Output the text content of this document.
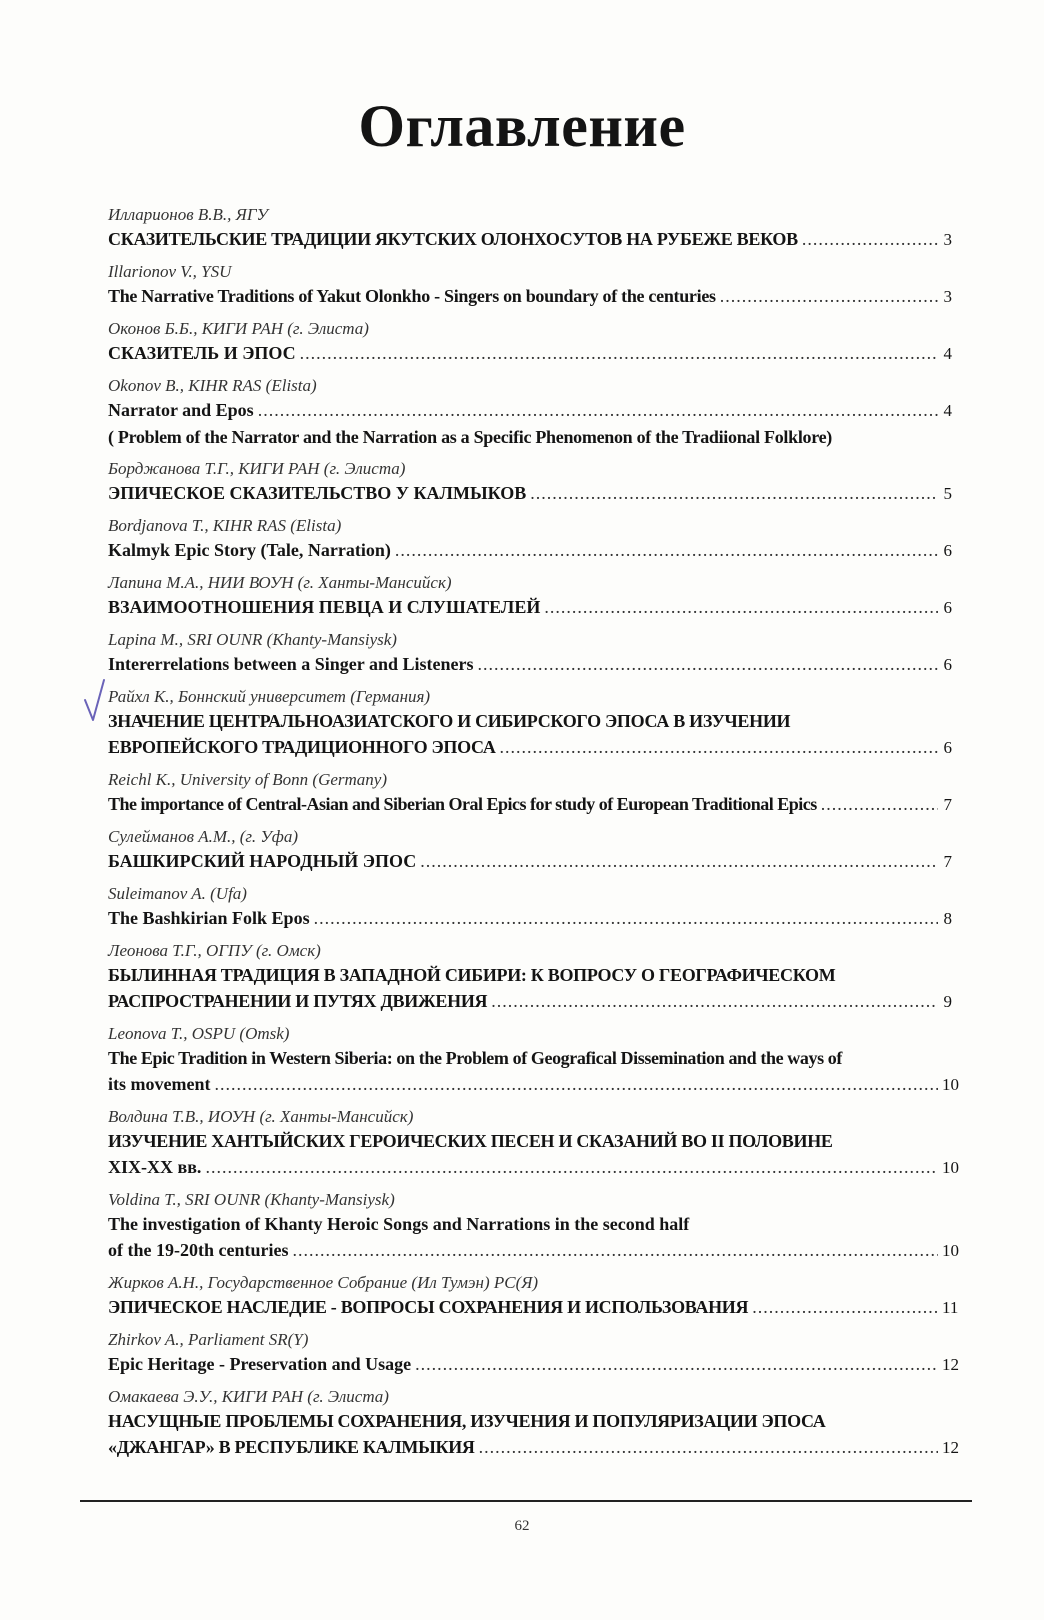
Оглавление
Илларионов В.В., ЯГУ
СКАЗИТЕЛЬСКИЕ ТРАДИЦИИ ЯКУТСКИХ ОЛОНХОСУТОВ НА РУБЕЖЕ ВЕКОВ .....	3
Illarionov V., YSU
The Narrative Traditions of Yakut Olonkho - Singers on boundary of the centuries .....	3
Оконов Б.Б., КИГИ РАН (г. Элиста)
СКАЗИТЕЛЬ И ЭПОС .....	4
Okonov B., KIHR RAS (Elista)
Narrator and Epos .....	4
( Problem of the Narrator and the Narration as a Specific Phenomenon of the Tradiional Folklore)
Борджанова Т.Г., КИГИ РАН (г. Элиста)
ЭПИЧЕСКОЕ СКАЗИТЕЛЬСТВО У КАЛМЫКОВ .....	5
Bordjanova T., KIHR RAS (Elista)
Kalmyk Epic Story (Tale, Narration) .....	6
Лапина М.А., НИИ ВОУН (г. Ханты-Мансийск)
ВЗАИМООТНОШЕНИЯ ПЕВЦА И СЛУШАТЕЛЕЙ .....	6
Lapina M., SRI OUNR (Khanty-Mansiysk)
Intererrelations between a Singer and Listeners .....	6
Райхл К., Боннский университет (Германия)
ЗНАЧЕНИЕ ЦЕНТРАЛЬНОАЗИАТСКОГО И СИБИРСКОГО ЭПОСА В ИЗУЧЕНИИ
ЕВРОПЕЙСКОГО ТРАДИЦИОННОГО ЭПОСА .....	6
Reichl K., University of Bonn (Germany)
The importance of Central-Asian and Siberian Oral Epics for study of European Traditional Epics .....	7
Сулейманов А.М., (г. Уфа)
БАШКИРСКИЙ НАРОДНЫЙ ЭПОС .....	7
Suleimanov A. (Ufa)
The Bashkirian Folk Epos .....	8
Леонова Т.Г., ОГПУ (г. Омск)
БЫЛИННАЯ ТРАДИЦИЯ В ЗАПАДНОЙ СИБИРИ: К ВОПРОСУ О ГЕОГРАФИЧЕСКОМ
РАСПРОСТРАНЕНИИ И ПУТЯХ ДВИЖЕНИЯ .....	9
Leonova T., OSPU (Omsk)
The Epic Tradition in Western Siberia: on the Problem of Geografical Dissemination and the ways of
its movement .....	10
Волдина Т.В., ИОУН (г. Ханты-Мансийск)
ИЗУЧЕНИЕ ХАНТЫЙСКИХ ГЕРОИЧЕСКИХ ПЕСЕН И СКАЗАНИЙ ВО II ПОЛОВИНЕ
XIX-XX вв. .....	10
Voldina T., SRI OUNR (Khanty-Mansiysk)
The investigation of Khanty Heroic Songs and Narrations in the second half
of the 19-20th centuries .....	10
Жирков А.Н., Государственное Собрание (Ил Тумэн) РС(Я)
ЭПИЧЕСКОЕ НАСЛЕДИЕ - ВОПРОСЫ СОХРАНЕНИЯ И ИСПОЛЬЗОВАНИЯ .....	11
Zhirkov A., Parliament SR(Y)
Epic Heritage - Preservation and Usage .....	12
Омакаева Э.У., КИГИ РАН (г. Элиста)
НАСУЩНЫЕ ПРОБЛЕМЫ СОХРАНЕНИЯ, ИЗУЧЕНИЯ И ПОПУЛЯРИЗАЦИИ ЭПОСА
«ДЖАНГАР» В РЕСПУБЛИКЕ КАЛМЫКИЯ .....	12
62
